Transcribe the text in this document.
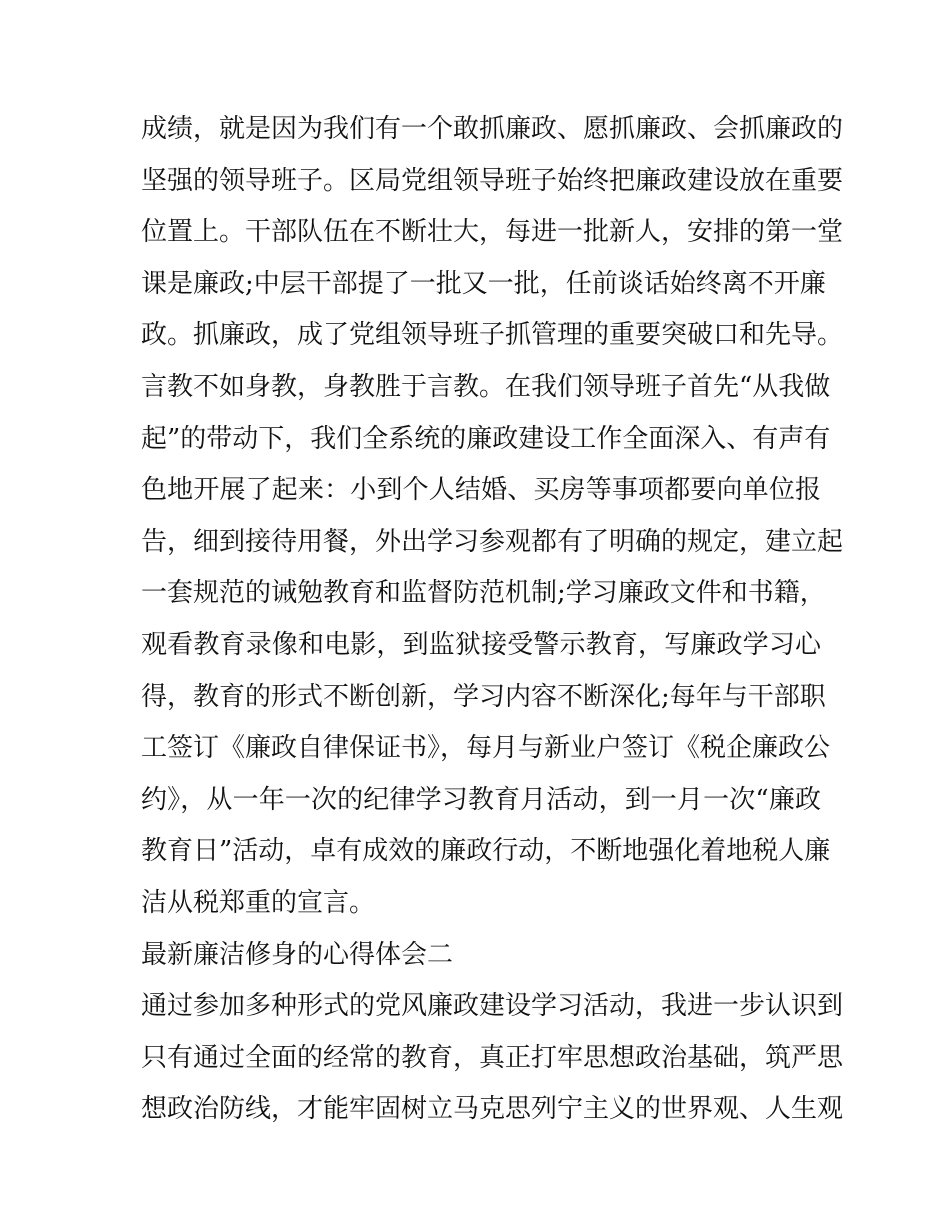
成绩，就是因为我们有一个敢抓廉政、愿抓廉政、会抓廉政的
坚强的领导班子。区局党组领导班子始终把廉政建设放在重要
位置上。干部队伍在不断壮大，每进一批新人，安排的第一堂
课是廉政;中层干部提了一批又一批，任前谈话始终离不开廉
政。抓廉政，成了党组领导班子抓管理的重要突破口和先导。
言教不如身教，身教胜于言教。在我们领导班子首先“从我做
起”的带动下，我们全系统的廉政建设工作全面深入、有声有
色地开展了起来：小到个人结婚、买房等事项都要向单位报
告，细到接待用餐，外出学习参观都有了明确的规定，建立起
一套规范的诫勉教育和监督防范机制;学习廉政文件和书籍，
观看教育录像和电影，到监狱接受警示教育，写廉政学习心
得，教育的形式不断创新，学习内容不断深化;每年与干部职
工签订《廉政自律保证书》，每月与新业户签订《税企廉政公
约》，从一年一次的纪律学习教育月活动，到一月一次“廉政
教育日”活动，卓有成效的廉政行动，不断地强化着地税人廉
洁从税郑重的宣言。
最新廉洁修身的心得体会二
通过参加多种形式的党风廉政建设学习活动，我进一步认识到
只有通过全面的经常的教育，真正打牢思想政治基础，筑严思
想政治防线，才能牢固树立马克思列宁主义的世界观、人生观
